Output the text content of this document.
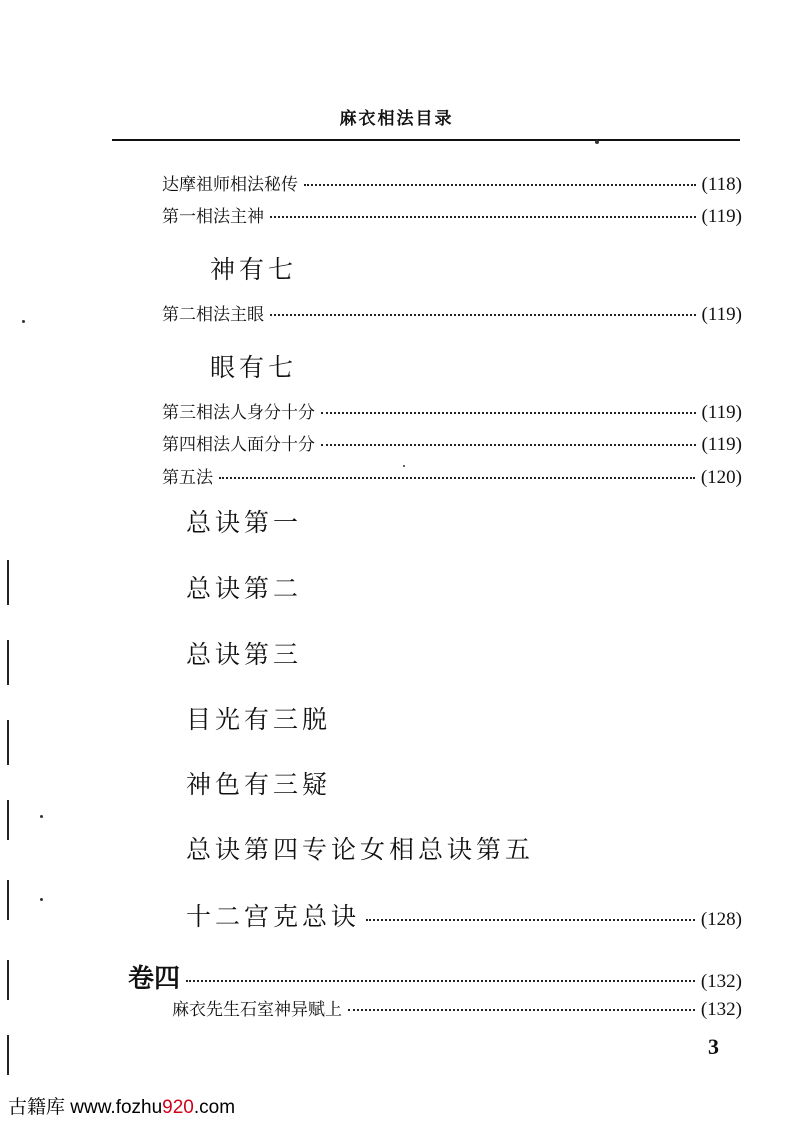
麻衣相法目录
达摩祖师相法秘传	(118)
第一相法主神	(119)
神有七
第二相法主眼	(119)
眼有七
第三相法人身分十分	(119)
第四相法人面分十分	(119)
第五法	(120)
总诀第一
总诀第二
总诀第三
目光有三脱
神色有三疑
总诀第四专论女相总诀第五
十二宫克总诀	(128)
卷四	(132)
麻衣先生石室神异赋上	(132)
3
古籍库 www.fozhu920.com
